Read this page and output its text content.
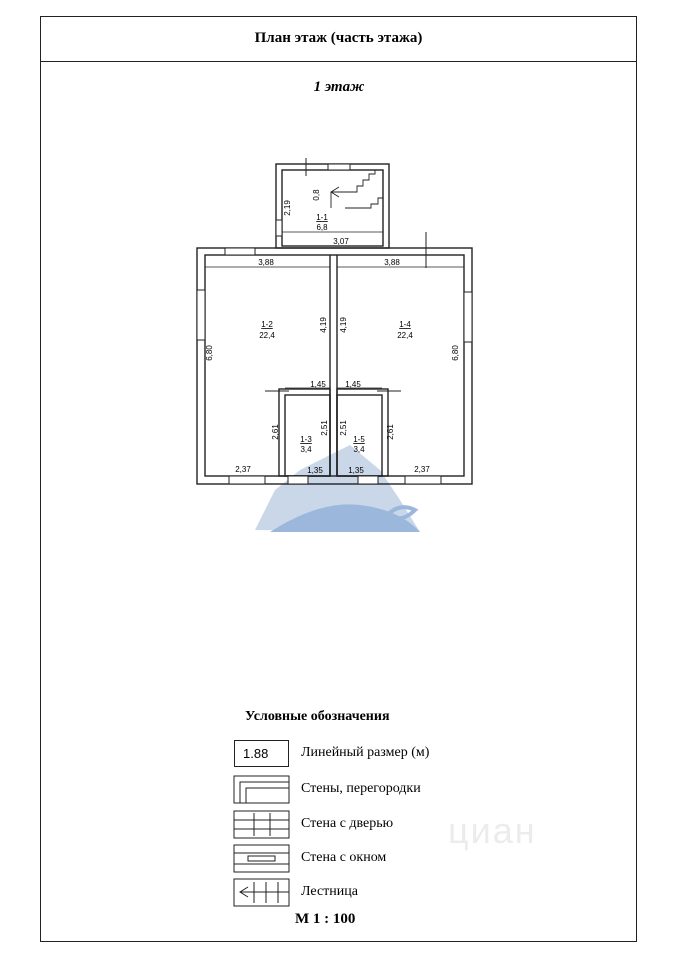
План этаж (часть этажа)
1 этаж
1-1
6,8
1-2
22,4
1-3
3,4
1-4
22,4
1-5
3,4
2,19
0,8
3,07
3,88	3,88
6,80	6,80
4,19 4,19
1,45 1,45
2,61	2,51 2,51	2,61
2,37	1,35	1,35	2,37
циан
Условные обозначения
1.88	Линейный размер (м)
Стены, перегородки
Стена с дверью
Стена с окном
Лестница
М 1 : 100
